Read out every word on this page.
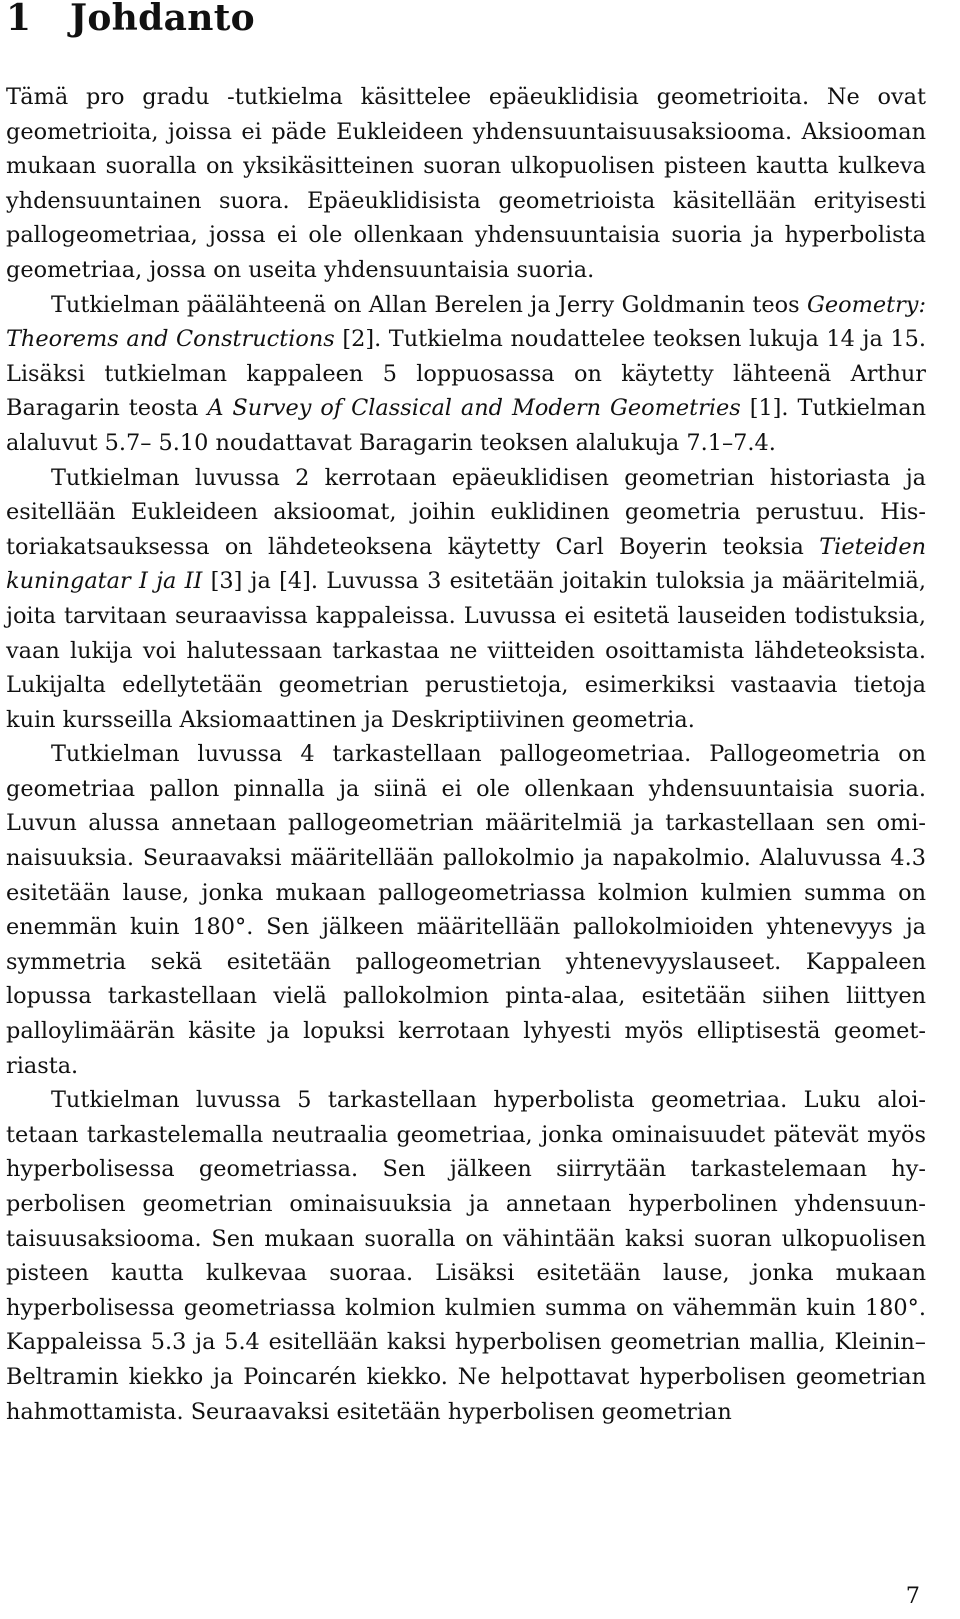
1 Johdanto

Tämä pro gradu -tutkielma käsittelee epäeuklidisia geometrioita. Ne ovat geometrioita, joissa ei päde Eukleideen yhdensuuntaisuusaksiooma. Aksiooman mukaan suoralla on yksikäsitteinen suoran ulkopuolisen pisteen kautta kulkeva yhdensuuntainen suora. Epäeuklidisista geometrioista käsitellään erityisesti pallogeometriaa, jossa ei ole ollenkaan yhdensuuntaisia suoria ja hyperbolista geometriaa, jossa on useita yhdensuuntaisia suoria.

Tutkielman päälähteenä on Allan Berelen ja Jerry Goldmanin teos Geometry: Theorems and Constructions [2]. Tutkielma noudattelee teoksen lukuja 14 ja 15. Lisäksi tutkielman kappaleen 5 loppuosassa on käytetty lähteenä Arthur Baragarin teosta A Survey of Classical and Modern Geometries [1]. Tutkielman alaluvut 5.7– 5.10 noudattavat Baragarin teoksen alalukuja 7.1–7.4.

Tutkielman luvussa 2 kerrotaan epäeuklidisen geometrian historiasta ja esitellään Eukleideen aksioomat, joihin euklidinen geometria perustuu. Historiakatsauksessa on lähdeteoksena käytetty Carl Boyerin teoksia Tieteiden kuningatar I ja II [3] ja [4]. Luvussa 3 esitetään joitakin tuloksia ja määritelmiä, joita tarvitaan seuraavissa kappaleissa. Luvussa ei esitetä lauseiden todistuksia, vaan lukija voi halutessaan tarkastaa ne viitteiden osoittamista lähdeteoksista. Lukijalta edellytetään geometrian perustietoja, esimerkiksi vastaavia tietoja kuin kursseilla Aksiomaattinen ja Deskriptiivinen geometria.

Tutkielman luvussa 4 tarkastellaan pallogeometriaa. Pallogeometria on geometriaa pallon pinnalla ja siinä ei ole ollenkaan yhdensuuntaisia suoria. Luvun alussa annetaan pallogeometrian määritelmiä ja tarkastellaan sen ominaisuuksia. Seuraavaksi määritellään pallokolmio ja napakolmio. Alaluvussa 4.3 esitetään lause, jonka mukaan pallogeometriassa kolmion kulmien summa on enemmän kuin 180°. Sen jälkeen määritellään pallokolmioiden yhtenevyys ja symmetria sekä esitetään pallogeometrian yhtenevyyslauseet. Kappaleen lopussa tarkastellaan vielä pallokolmion pinta-alaa, esitetään siihen liittyen palloylimäärän käsite ja lopuksi kerrotaan lyhyesti myös elliptisestä geometriasta.

Tutkielman luvussa 5 tarkastellaan hyperbolista geometriaa. Luku aloitetaan tarkastelemalla neutraalia geometriaa, jonka ominaisuudet pätevät myös hyperbolisessa geometriassa. Sen jälkeen siirrytään tarkastelemaan hyperbolisen geometrian ominaisuuksia ja annetaan hyperbolinen yhdensuuntaisuusaksiooma. Sen mukaan suoralla on vähintään kaksi suoran ulkopuolisen pisteen kautta kulkevaa suoraa. Lisäksi esitetään lause, jonka mukaan hyperbolisessa geometriassa kolmion kulmien summa on vähemmän kuin 180°. Kappaleissa 5.3 ja 5.4 esitellään kaksi hyperbolisen geometrian mallia, Kleinin–Beltramin kiekko ja Poincarén kiekko. Ne helpottavat hyperbolisen geometrian hahmottamista. Seuraavaksi esitetään hyperbolisen geometrian

7
